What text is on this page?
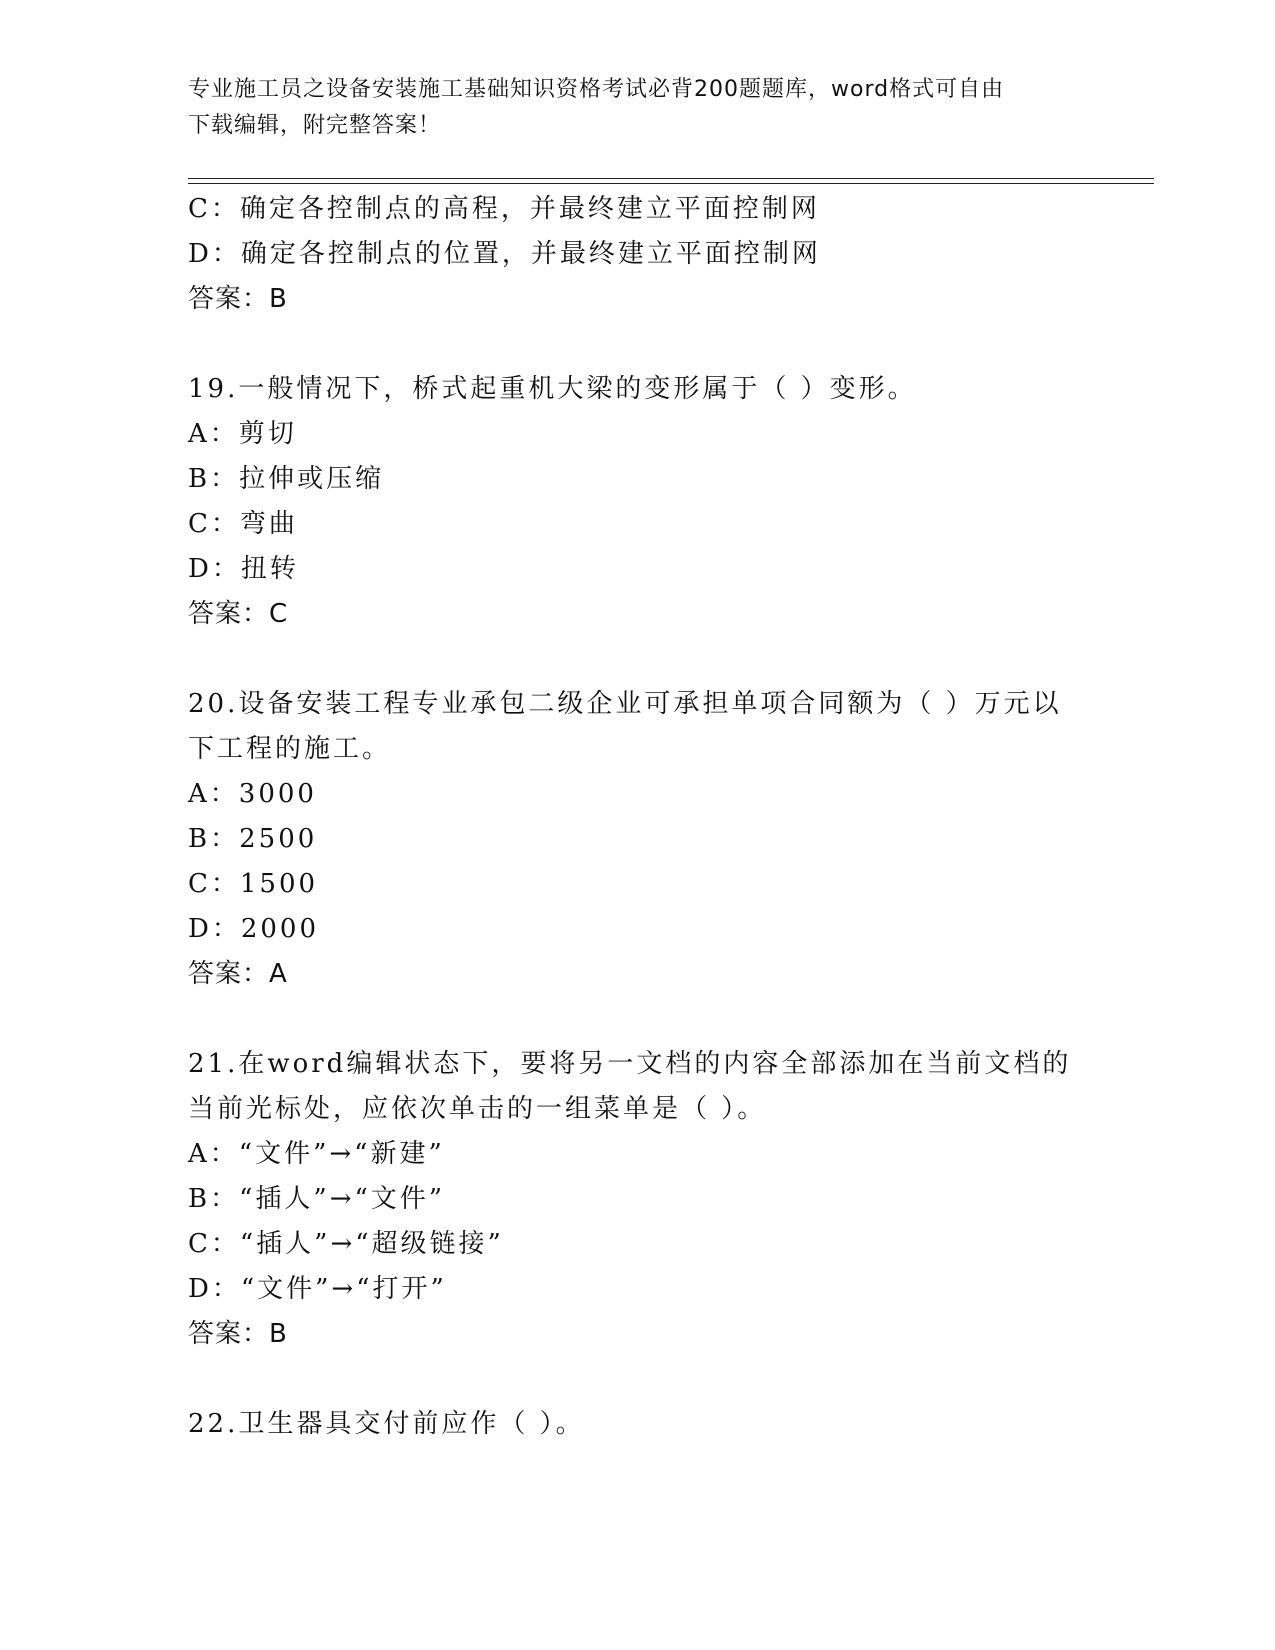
专业施工员之设备安装施工基础知识资格考试必背200题题库，word格式可自由
下载编辑，附完整答案！
C：确定各控制点的高程，并最终建立平面控制网
D：确定各控制点的位置，并最终建立平面控制网
答案：B
19.一般情况下，桥式起重机大梁的变形属于（ ）变形。
A：剪切
B：拉伸或压缩
C：弯曲
D：扭转
答案：C
20.设备安装工程专业承包二级企业可承担单项合同额为（ ）万元以
下工程的施工。
A：3000
B：2500
C：1500
D：2000
答案：A
21.在word编辑状态下，要将另一文档的内容全部添加在当前文档的
当前光标处，应依次单击的一组菜单是（ ）。
A：“文件”→“新建”
B：“插人”→“文件”
C：“插人”→“超级链接”
D：“文件”→“打开”
答案：B
22.卫生器具交付前应作（ ）。
